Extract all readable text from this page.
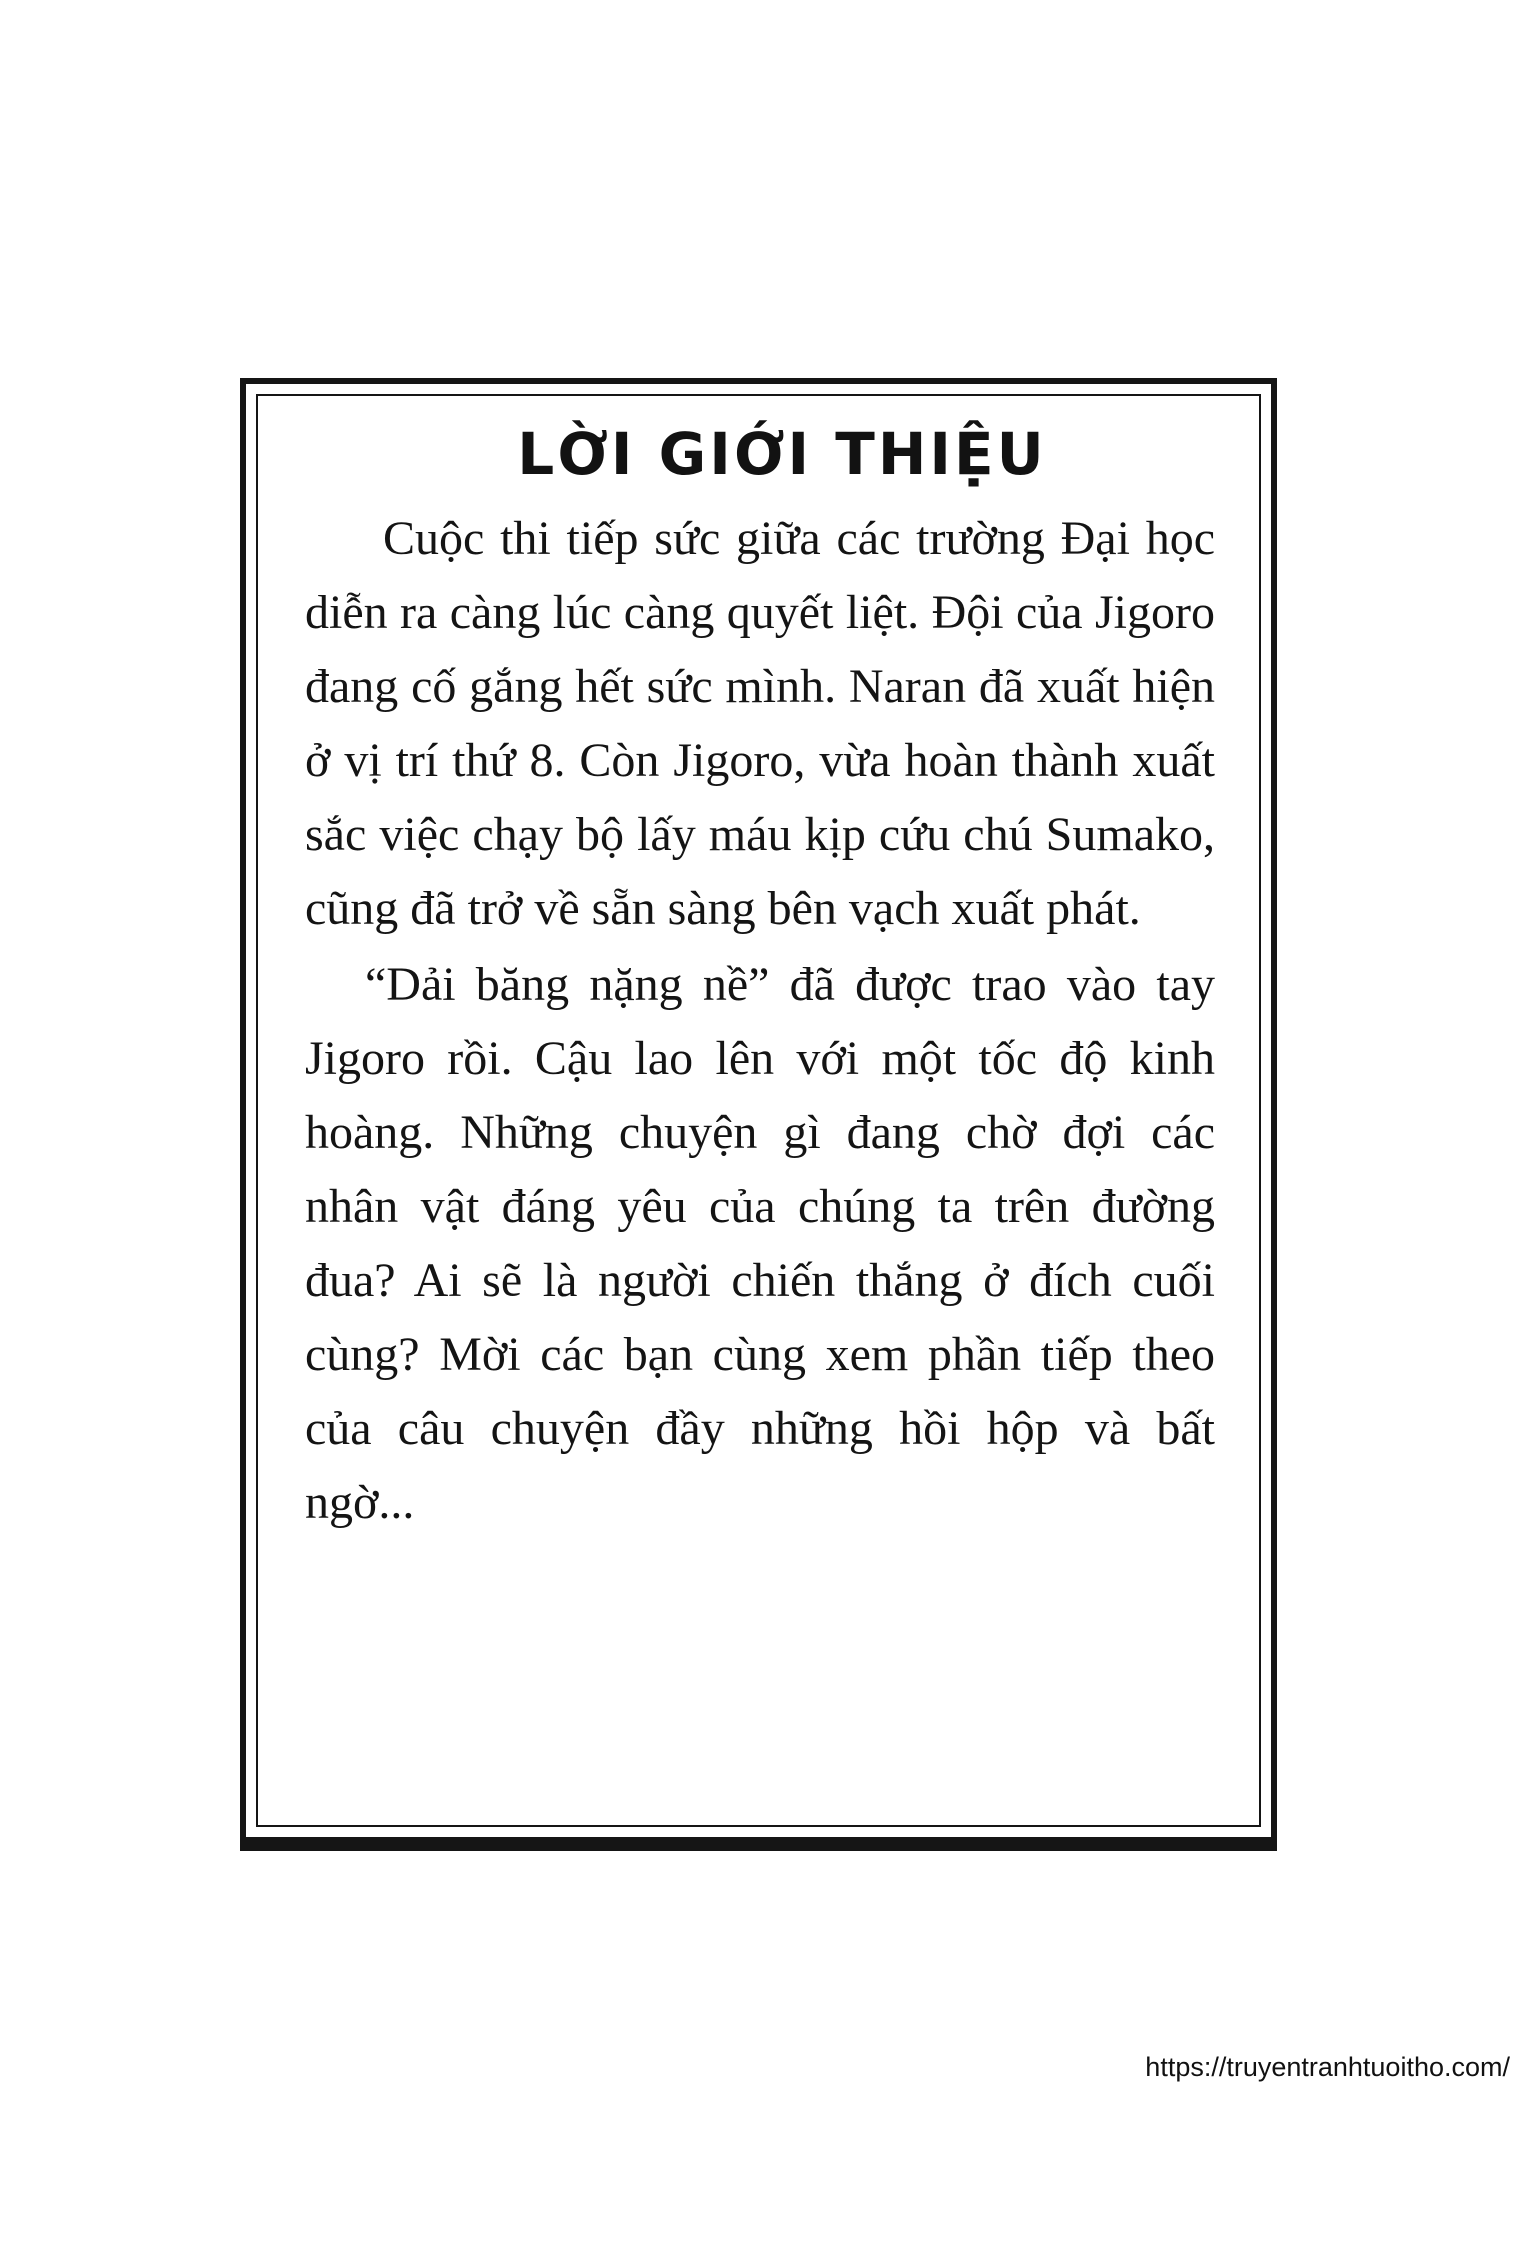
LỜI GIỚI THIỆU

Cuộc thi tiếp sức giữa các trường Đại học diễn ra càng lúc càng quyết liệt. Đội của Jigoro đang cố gắng hết sức mình. Naran đã xuất hiện ở vị trí thứ 8. Còn Jigoro, vừa hoàn thành xuất sắc việc chạy bộ lấy máu kịp cứu chú Sumako, cũng đã trở về sẵn sàng bên vạch xuất phát.

“Dải băng nặng nề” đã được trao vào tay Jigoro rồi. Cậu lao lên với một tốc độ kinh hoàng. Những chuyện gì đang chờ đợi các nhân vật đáng yêu của chúng ta trên đường đua? Ai sẽ là người chiến thắng ở đích cuối cùng? Mời các bạn cùng xem phần tiếp theo của câu chuyện đầy những hồi hộp và bất ngờ...

https://truyentranhtuoitho.com/
